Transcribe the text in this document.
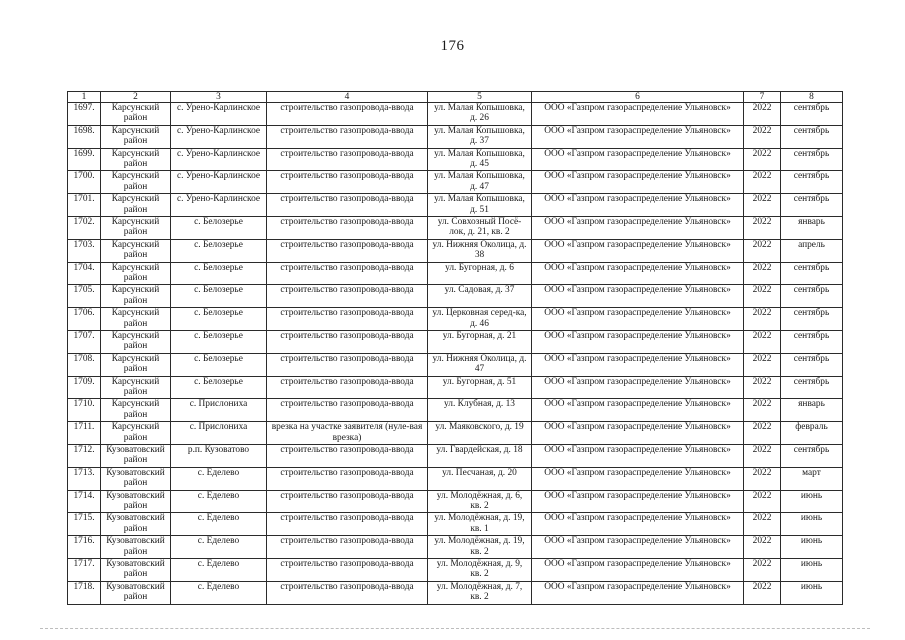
176
1	2	3	4	5	6	7	8
1697.	Карсунский район	с. Урено-Карлинское	строительство газопровода-ввода	ул. Малая Копышовка, д. 26	ООО «Газпром газораспределение Ульяновск»	2022	сентябрь
1698.	Карсунский район	с. Урено-Карлинское	строительство газопровода-ввода	ул. Малая Копышовка, д. 37	ООО «Газпром газораспределение Ульяновск»	2022	сентябрь
1699.	Карсунский район	с. Урено-Карлинское	строительство газопровода-ввода	ул. Малая Копышовка, д. 45	ООО «Газпром газораспределение Ульяновск»	2022	сентябрь
1700.	Карсунский район	с. Урено-Карлинское	строительство газопровода-ввода	ул. Малая Копышовка, д. 47	ООО «Газпром газораспределение Ульяновск»	2022	сентябрь
1701.	Карсунский район	с. Урено-Карлинское	строительство газопровода-ввода	ул. Малая Копышовка, д. 51	ООО «Газпром газораспределение Ульяновск»	2022	сентябрь
1702.	Карсунский район	с. Белозерье	строительство газопровода-ввода	ул. Совхозный Посё-лок, д. 21, кв. 2	ООО «Газпром газораспределение Ульяновск»	2022	январь
1703.	Карсунский район	с. Белозерье	строительство газопровода-ввода	ул. Нижняя Околица, д. 38	ООО «Газпром газораспределение Ульяновск»	2022	апрель
1704.	Карсунский район	с. Белозерье	строительство газопровода-ввода	ул. Бугорная, д. 6	ООО «Газпром газораспределение Ульяновск»	2022	сентябрь
1705.	Карсунский район	с. Белозерье	строительство газопровода-ввода	ул. Садовая, д. 37	ООО «Газпром газораспределение Ульяновск»	2022	сентябрь
1706.	Карсунский район	с. Белозерье	строительство газопровода-ввода	ул. Церковная серед-ка, д. 46	ООО «Газпром газораспределение Ульяновск»	2022	сентябрь
1707.	Карсунский район	с. Белозерье	строительство газопровода-ввода	ул. Бугорная, д. 21	ООО «Газпром газораспределение Ульяновск»	2022	сентябрь
1708.	Карсунский район	с. Белозерье	строительство газопровода-ввода	ул. Нижняя Околица, д. 47	ООО «Газпром газораспределение Ульяновск»	2022	сентябрь
1709.	Карсунский район	с. Белозерье	строительство газопровода-ввода	ул. Бугорная, д. 51	ООО «Газпром газораспределение Ульяновск»	2022	сентябрь
1710.	Карсунский район	с. Прислониха	строительство газопровода-ввода	ул. Клубная, д. 13	ООО «Газпром газораспределение Ульяновск»	2022	январь
1711.	Карсунский район	с. Прислониха	врезка на участке заявителя (нуле-вая врезка)	ул. Маяковского, д. 19	ООО «Газпром газораспределение Ульяновск»	2022	февраль
1712.	Кузоватовский район	р.п. Кузоватово	строительство газопровода-ввода	ул. Гвардейская, д. 18	ООО «Газпром газораспределение Ульяновск»	2022	сентябрь
1713.	Кузоватовский район	с. Еделево	строительство газопровода-ввода	ул. Песчаная, д. 20	ООО «Газпром газораспределение Ульяновск»	2022	март
1714.	Кузоватовский район	с. Еделево	строительство газопровода-ввода	ул. Молодёжная, д. 6, кв. 2	ООО «Газпром газораспределение Ульяновск»	2022	июнь
1715.	Кузоватовский район	с. Еделево	строительство газопровода-ввода	ул. Молодёжная, д. 19, кв. 1	ООО «Газпром газораспределение Ульяновск»	2022	июнь
1716.	Кузоватовский район	с. Еделево	строительство газопровода-ввода	ул. Молодёжная, д. 19, кв. 2	ООО «Газпром газораспределение Ульяновск»	2022	июнь
1717.	Кузоватовский район	с. Еделево	строительство газопровода-ввода	ул. Молодёжная, д. 9, кв. 2	ООО «Газпром газораспределение Ульяновск»	2022	июнь
1718.	Кузоватовский район	с. Еделево	строительство газопровода-ввода	ул. Молодёжная, д. 7, кв. 2	ООО «Газпром газораспределение Ульяновск»	2022	июнь
